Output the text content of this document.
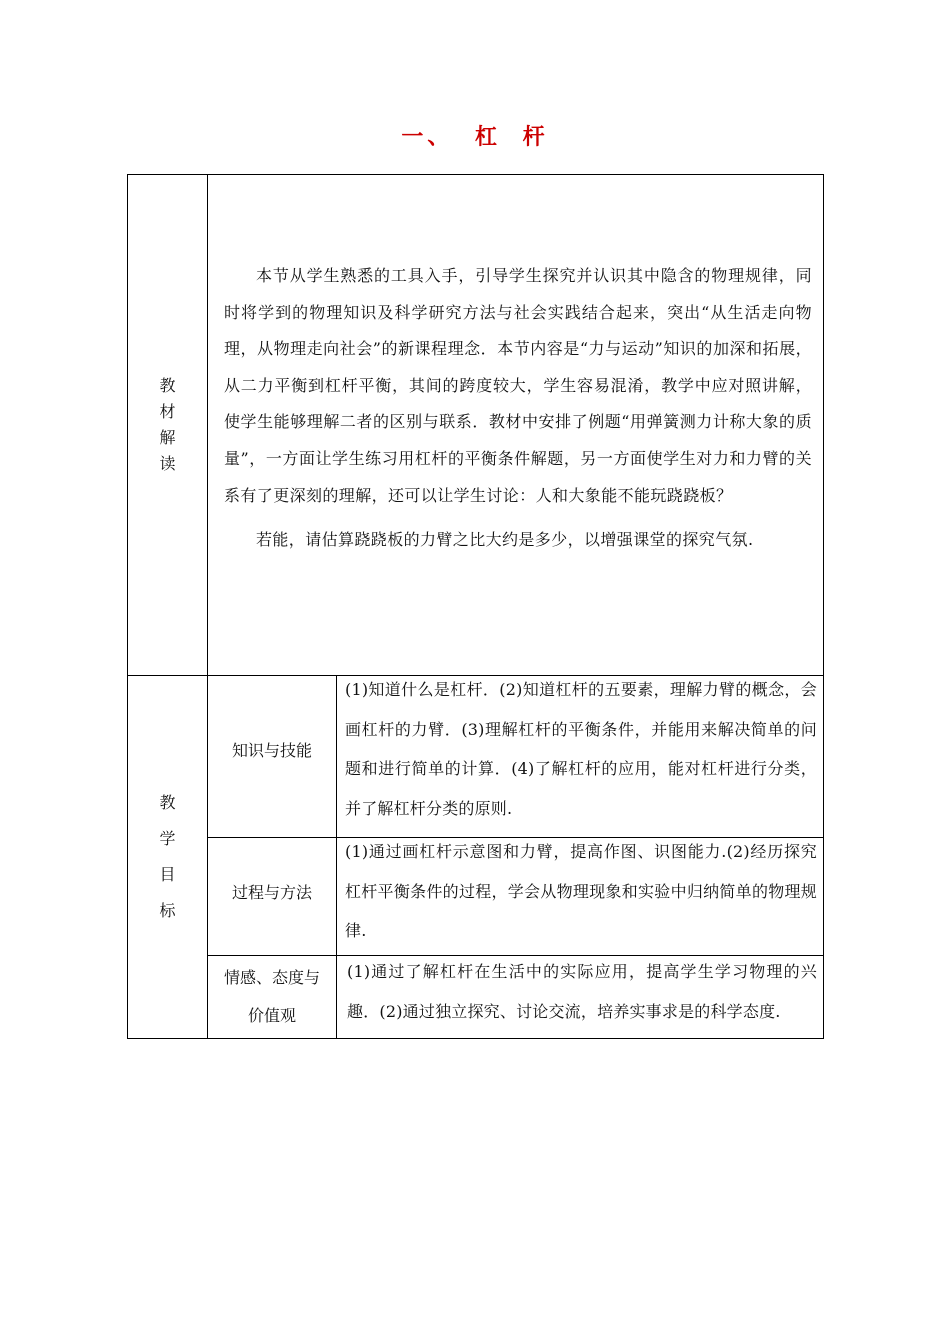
一、 杠 杆
教
材
解
读

本节从学生熟悉的工具入手，引导学生探究并认识其中隐含的物理规律，同时将学到的物理知识及科学研究方法与社会实践结合起来，突出“从生活走向物理，从物理走向社会”的新课程理念．本节内容是“力与运动”知识的加深和拓展，从二力平衡到杠杆平衡，其间的跨度较大，学生容易混淆，教学中应对照讲解，使学生能够理解二者的区别与联系．教材中安排了例题“用弹簧测力计称大象的质量”，一方面让学生练习用杠杆的平衡条件解题，另一方面使学生对力和力臂的关系有了更深刻的理解，还可以让学生讨论：人和大象能不能玩跷跷板？

若能，请估算跷跷板的力臂之比大约是多少，以增强课堂的探究气氛.

教
学
目
标
知识与技能
(1)知道什么是杠杆．(2)知道杠杆的五要素，理解力臂的概念，会画杠杆的力臂．(3)理解杠杆的平衡条件，并能用来解决简单的问题和进行简单的计算．(4)了解杠杆的应用，能对杠杆进行分类，并了解杠杆分类的原则.
过程与方法
(1)通过画杠杆示意图和力臂，提高作图、识图能力.(2)经历探究杠杆平衡条件的过程，学会从物理现象和实验中归纳简单的物理规律.
情感、态度与
价值观
(1)通过了解杠杆在生活中的实际应用，提高学生学习物理的兴趣．(2)通过独立探究、讨论交流，培养实事求是的科学态度.
